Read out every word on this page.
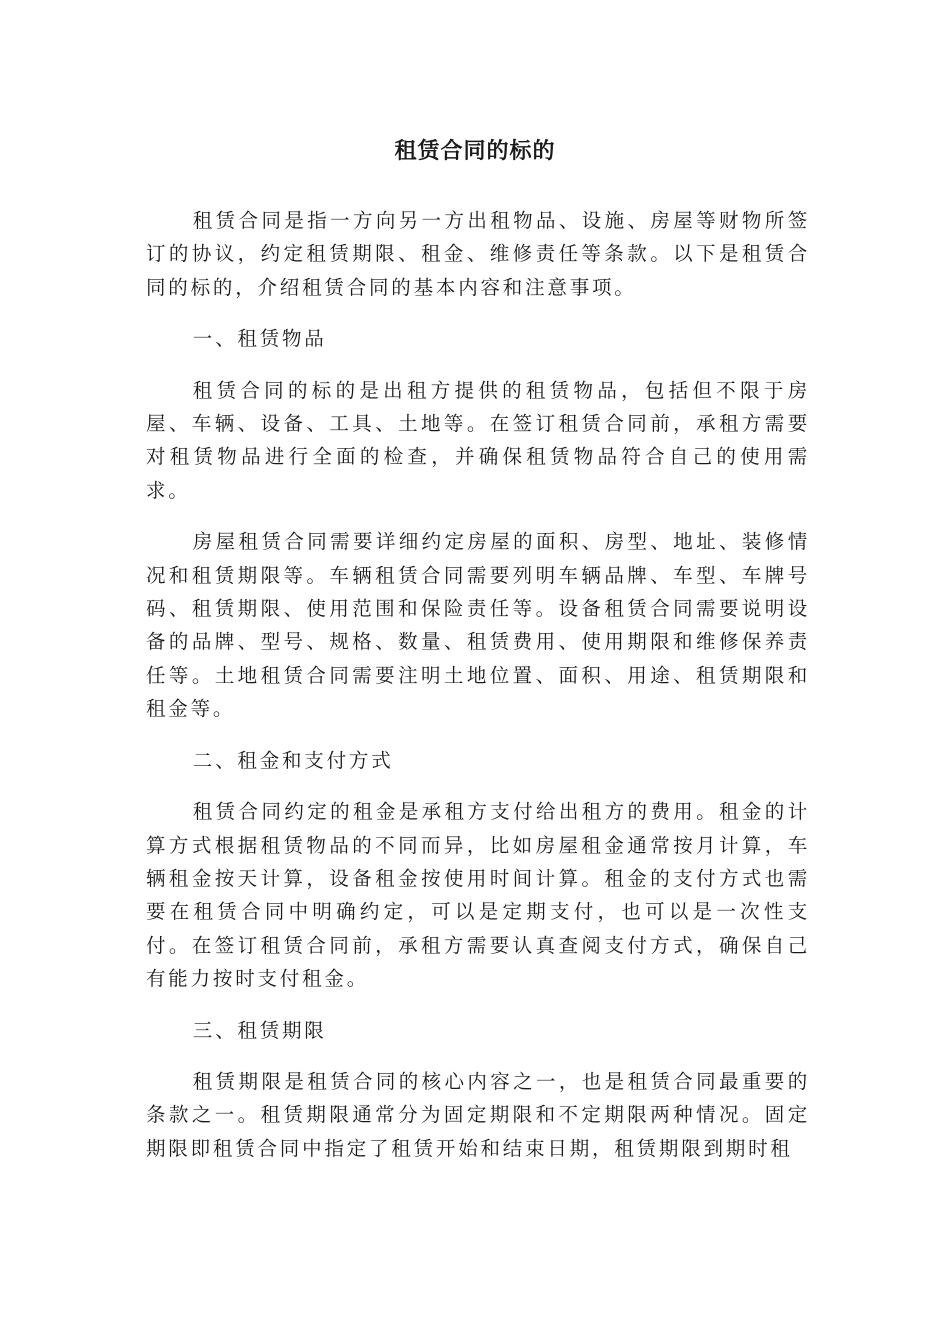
租赁合同的标的

租赁合同是指一方向另一方出租物品、设施、房屋等财物所签订的协议，约定租赁期限、租金、维修责任等条款。以下是租赁合同的标的，介绍租赁合同的基本内容和注意事项。

一、租赁物品

租赁合同的标的是出租方提供的租赁物品，包括但不限于房屋、车辆、设备、工具、土地等。在签订租赁合同前，承租方需要对租赁物品进行全面的检查，并确保租赁物品符合自己的使用需求。

房屋租赁合同需要详细约定房屋的面积、房型、地址、装修情况和租赁期限等。车辆租赁合同需要列明车辆品牌、车型、车牌号码、租赁期限、使用范围和保险责任等。设备租赁合同需要说明设备的品牌、型号、规格、数量、租赁费用、使用期限和维修保养责任等。土地租赁合同需要注明土地位置、面积、用途、租赁期限和租金等。

二、租金和支付方式

租赁合同约定的租金是承租方支付给出租方的费用。租金的计算方式根据租赁物品的不同而异，比如房屋租金通常按月计算，车辆租金按天计算，设备租金按使用时间计算。租金的支付方式也需要在租赁合同中明确约定，可以是定期支付，也可以是一次性支付。在签订租赁合同前，承租方需要认真查阅支付方式，确保自己有能力按时支付租金。

三、租赁期限

租赁期限是租赁合同的核心内容之一，也是租赁合同最重要的条款之一。租赁期限通常分为固定期限和不定期限两种情况。固定期限即租赁合同中指定了租赁开始和结束日期，租赁期限到期时租
